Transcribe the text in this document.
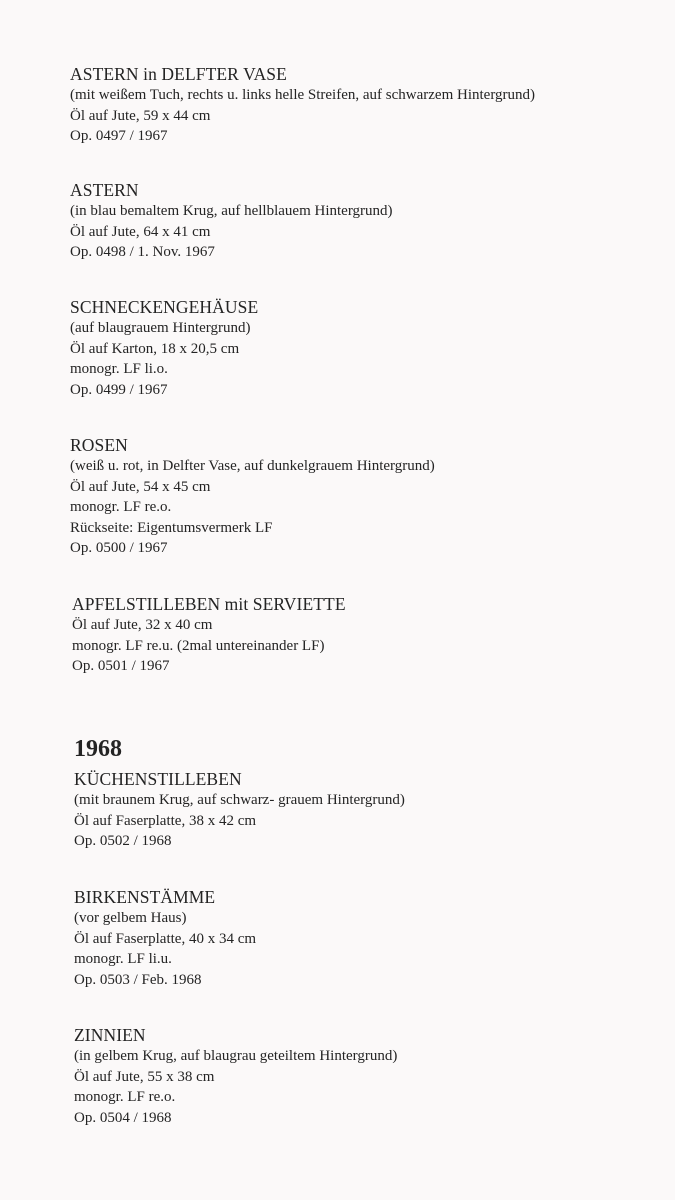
ASTERN in DELFTER VASE
(mit weißem Tuch, rechts u. links helle Streifen, auf schwarzem Hintergrund)
Öl auf Jute, 59 x 44 cm
Op. 0497 / 1967
ASTERN
(in blau bemaltem Krug, auf hellblauem Hintergrund)
Öl auf Jute, 64 x 41 cm
Op. 0498 / 1. Nov. 1967
SCHNECKENGEHÄUSE
(auf blaugrauem Hintergrund)
Öl auf Karton, 18 x 20,5 cm
monogr. LF li.o.
Op. 0499 / 1967
ROSEN
(weiß u. rot, in Delfter Vase, auf dunkelgrauem Hintergrund)
Öl auf Jute, 54 x 45 cm
monogr. LF re.o.
Rückseite: Eigentumsvermerk LF
Op. 0500 / 1967
APFELSTILLEBEN mit SERVIETTE
Öl auf Jute, 32 x 40 cm
monogr. LF re.u. (2mal untereinander LF)
Op. 0501 / 1967
1968
KÜCHENSTILLEBEN
(mit braunem Krug, auf schwarz- grauem Hintergrund)
Öl auf Faserplatte, 38 x 42 cm
Op. 0502 / 1968
BIRKENSTÄMME
(vor gelbem Haus)
Öl auf Faserplatte, 40 x 34 cm
monogr. LF li.u.
Op. 0503 / Feb. 1968
ZINNIEN
(in gelbem Krug, auf blaugrau geteiltem Hintergrund)
Öl auf Jute, 55 x 38 cm
monogr. LF re.o.
Op. 0504 / 1968
